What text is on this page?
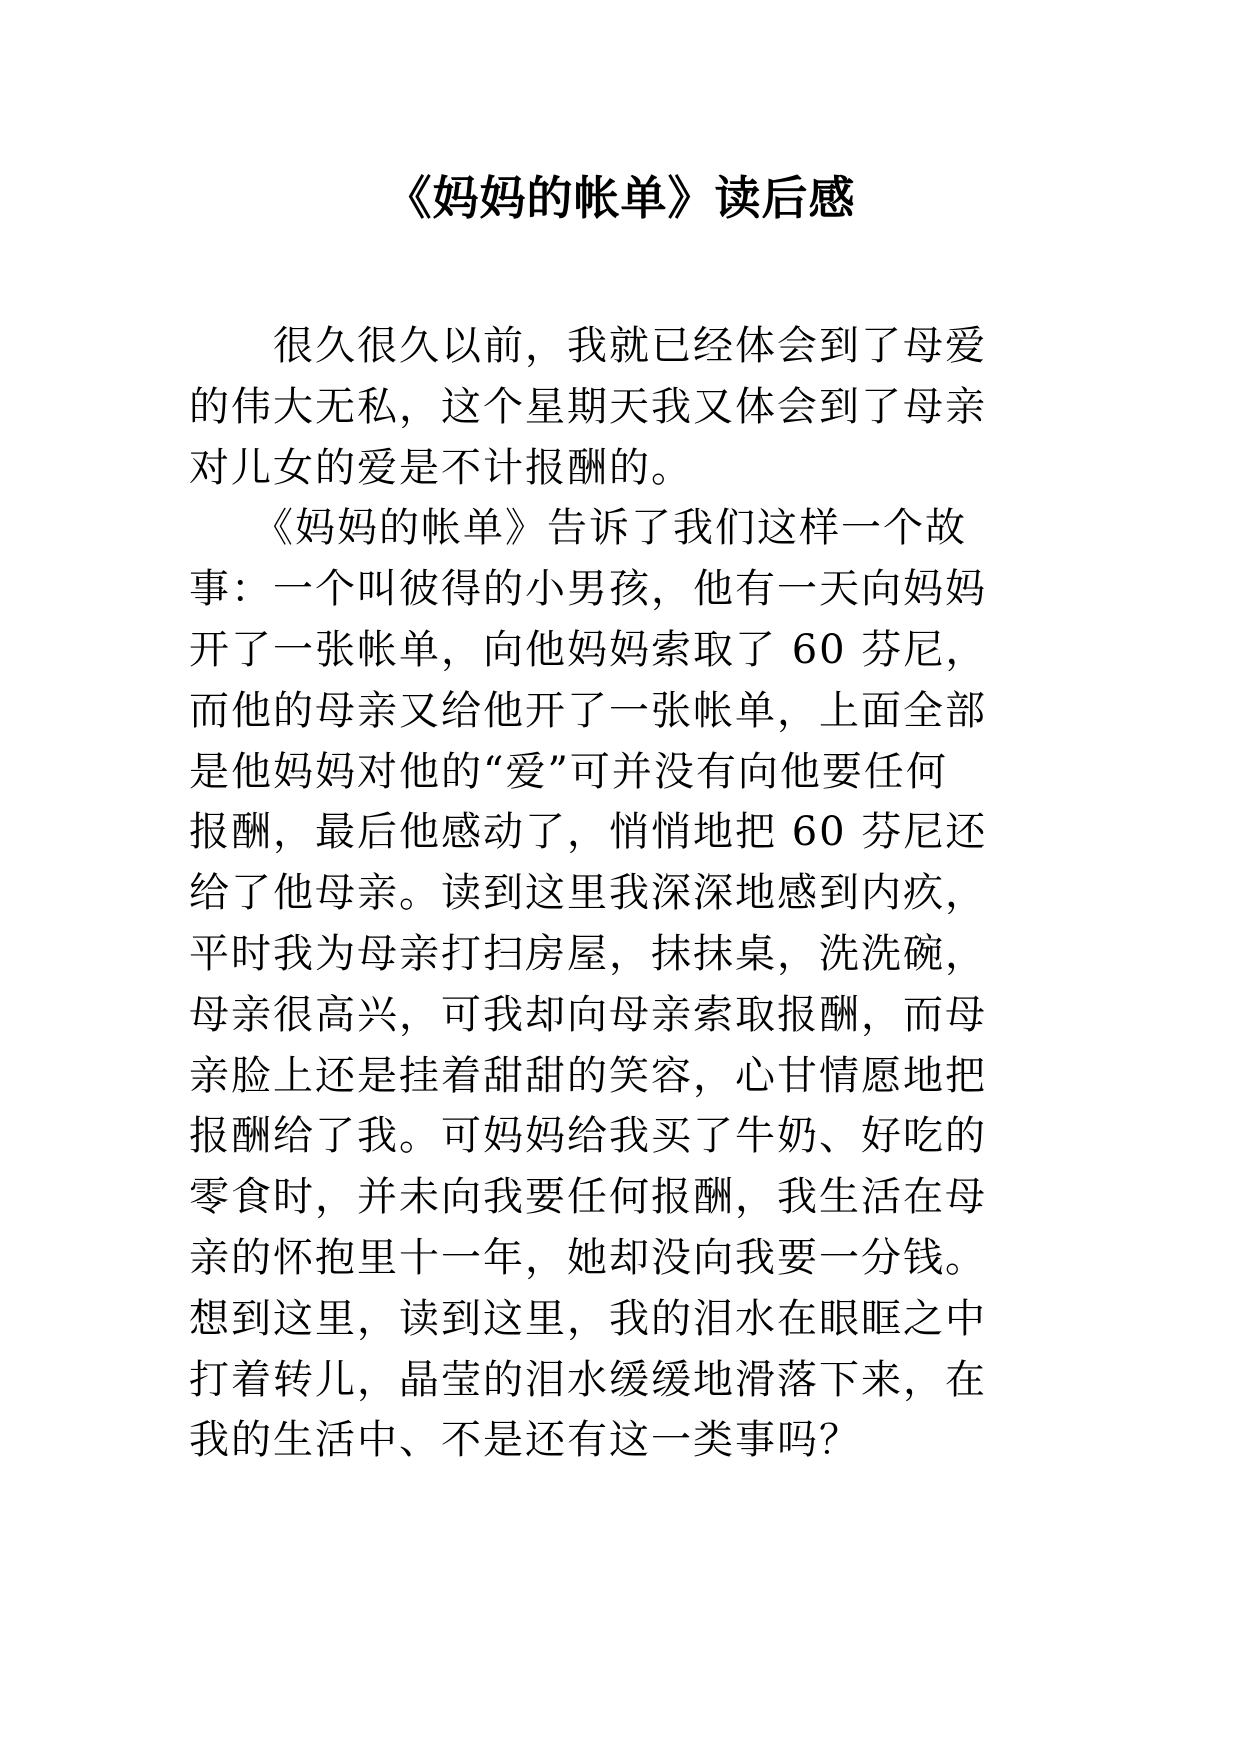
《妈妈的帐单》读后感
　　很久很久以前，我就已经体会到了母爱
的伟大无私，这个星期天我又体会到了母亲
对儿女的爱是不计报酬的。
　　《妈妈的帐单》告诉了我们这样一个故
事：一个叫彼得的小男孩，他有一天向妈妈
开了一张帐单，向他妈妈索取了 60 芬尼，
而他的母亲又给他开了一张帐单，上面全部
是他妈妈对他的“爱”可并没有向他要任何
报酬，最后他感动了，悄悄地把 60 芬尼还
给了他母亲。读到这里我深深地感到内疚，
平时我为母亲打扫房屋，抹抹桌，洗洗碗，
母亲很高兴，可我却向母亲索取报酬，而母
亲脸上还是挂着甜甜的笑容，心甘情愿地把
报酬给了我。可妈妈给我买了牛奶、好吃的
零食时，并未向我要任何报酬，我生活在母
亲的怀抱里十一年，她却没向我要一分钱。
想到这里，读到这里，我的泪水在眼眶之中
打着转儿，晶莹的泪水缓缓地滑落下来，在
我的生活中、不是还有这一类事吗？
